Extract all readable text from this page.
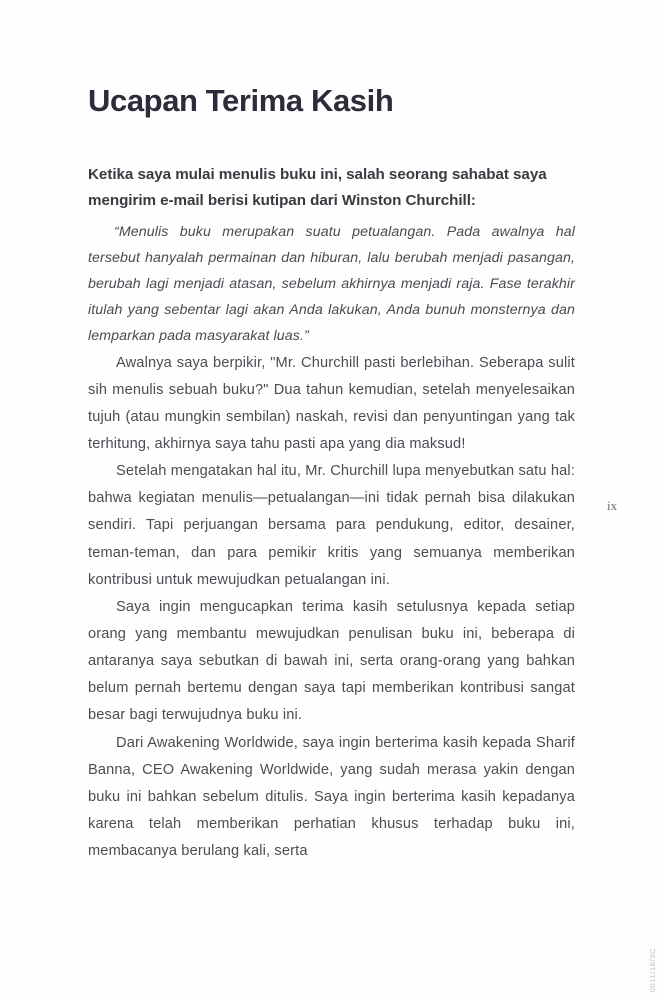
Ucapan Terima Kasih

Ketika saya mulai menulis buku ini, salah seorang sahabat saya mengirim e-mail berisi kutipan dari Winston Churchill:

“Menulis buku merupakan suatu petualangan. Pada awalnya hal tersebut hanyalah permainan dan hiburan, lalu berubah menjadi pasangan, berubah lagi menjadi atasan, sebelum akhirnya menjadi raja. Fase terakhir itulah yang sebentar lagi akan Anda lakukan, Anda bunuh monsternya dan lemparkan pada masyarakat luas.”

Awalnya saya berpikir, "Mr. Churchill pasti berlebihan. Seberapa sulit sih menulis sebuah buku?" Dua tahun kemudian, setelah menyelesaikan tujuh (atau mungkin sembilan) naskah, revisi dan penyuntingan yang tak terhitung, akhirnya saya tahu pasti apa yang dia maksud!

Setelah mengatakan hal itu, Mr. Churchill lupa menyebutkan satu hal: bahwa kegiatan menulis—petualangan—ini tidak pernah bisa dilakukan sendiri. Tapi perjuangan bersama para pendukung, editor, desainer, teman-teman, dan para pemikir kritis yang semuanya memberikan kontribusi untuk mewujudkan petualangan ini.

Saya ingin mengucapkan terima kasih setulusnya kepada setiap orang yang membantu mewujudkan penulisan buku ini, beberapa di antaranya saya sebutkan di bawah ini, serta orang-orang yang bahkan belum pernah bertemu dengan saya tapi memberikan kontribusi sangat besar bagi terwujudnya buku ini.

Dari Awakening Worldwide, saya ingin berterima kasih kepada Sharif Banna, CEO Awakening Worldwide, yang sudah merasa yakin dengan buku ini bahkan sebelum ditulis. Saya ingin berterima kasih kepadanya karena telah memberikan perhatian khusus terhadap buku ini, membacanya berulang kali, serta

ix
0011/16/3C
